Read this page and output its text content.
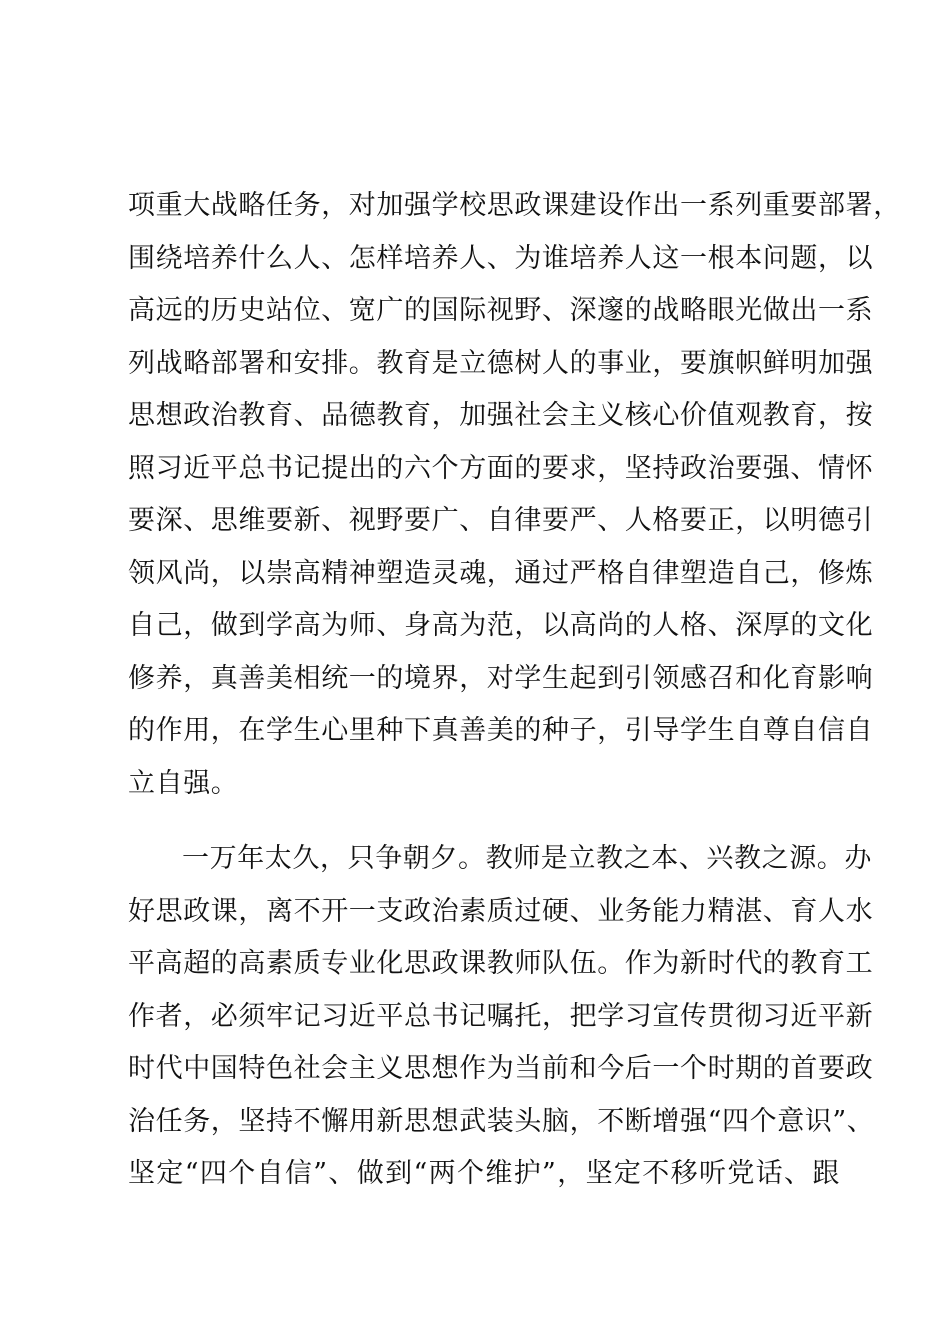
项重大战略任务，对加强学校思政课建设作出一系列重要部署，
围绕培养什么人、怎样培养人、为谁培养人这一根本问题，以
高远的历史站位、宽广的国际视野、深邃的战略眼光做出一系
列战略部署和安排。教育是立德树人的事业，要旗帜鲜明加强
思想政治教育、品德教育，加强社会主义核心价值观教育，按
照习近平总书记提出的六个方面的要求，坚持政治要强、情怀
要深、思维要新、视野要广、自律要严、人格要正，以明德引
领风尚，以崇高精神塑造灵魂，通过严格自律塑造自己，修炼
自己，做到学高为师、身高为范，以高尚的人格、深厚的文化
修养，真善美相统一的境界，对学生起到引领感召和化育影响
的作用，在学生心里种下真善美的种子，引导学生自尊自信自
立自强。
一万年太久，只争朝夕。教师是立教之本、兴教之源。办
好思政课，离不开一支政治素质过硬、业务能力精湛、育人水
平高超的高素质专业化思政课教师队伍。作为新时代的教育工
作者，必须牢记习近平总书记嘱托，把学习宣传贯彻习近平新
时代中国特色社会主义思想作为当前和今后一个时期的首要政
治任务，坚持不懈用新思想武装头脑，不断增强“四个意识”、
坚定“四个自信”、做到“两个维护”，坚定不移听党话、跟
